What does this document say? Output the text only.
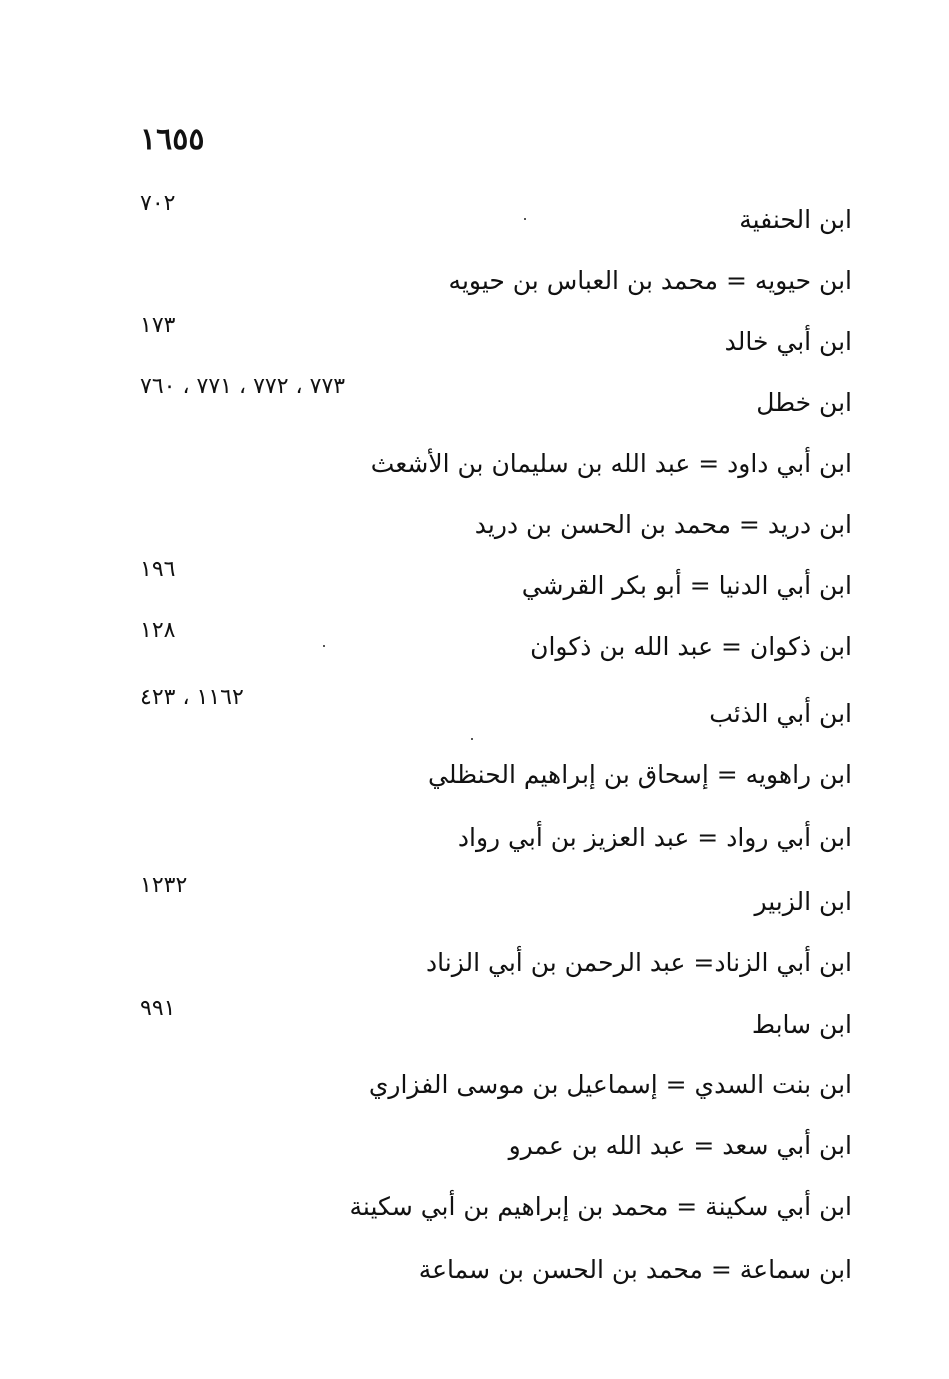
١٦٥٥
ابن الحنفية
٧٠٢
ابن حيويه = محمد بن العباس بن حيويه
ابن أبي خالد
١٧٣
ابن خطل
٧٧٣ ، ٧٧٢ ، ٧٧١ ، ٧٦٠
ابن أبي داود = عبد الله بن سليمان بن الأشعث
ابن دريد = محمد بن الحسن بن دريد
ابن أبي الدنيا = أبو بكر القرشي
١٩٦
ابن ذكوان = عبد الله بن ذكوان
١٢٨
ابن أبي الذئب
١١٦٢ ، ٤٢٣
ابن راهويه = إسحاق بن إبراهيم الحنظلي
ابن أبي رواد = عبد العزيز بن أبي رواد
ابن الزبير
١٢٣٢
ابن أبي الزناد= عبد الرحمن بن أبي الزناد
ابن سابط
٩٩١
ابن بنت السدي = إسماعيل بن موسى الفزاري
ابن أبي سعد = عبد الله بن عمرو
ابن أبي سكينة = محمد بن إبراهيم بن أبي سكينة
ابن سماعة = محمد بن الحسن بن سماعة
